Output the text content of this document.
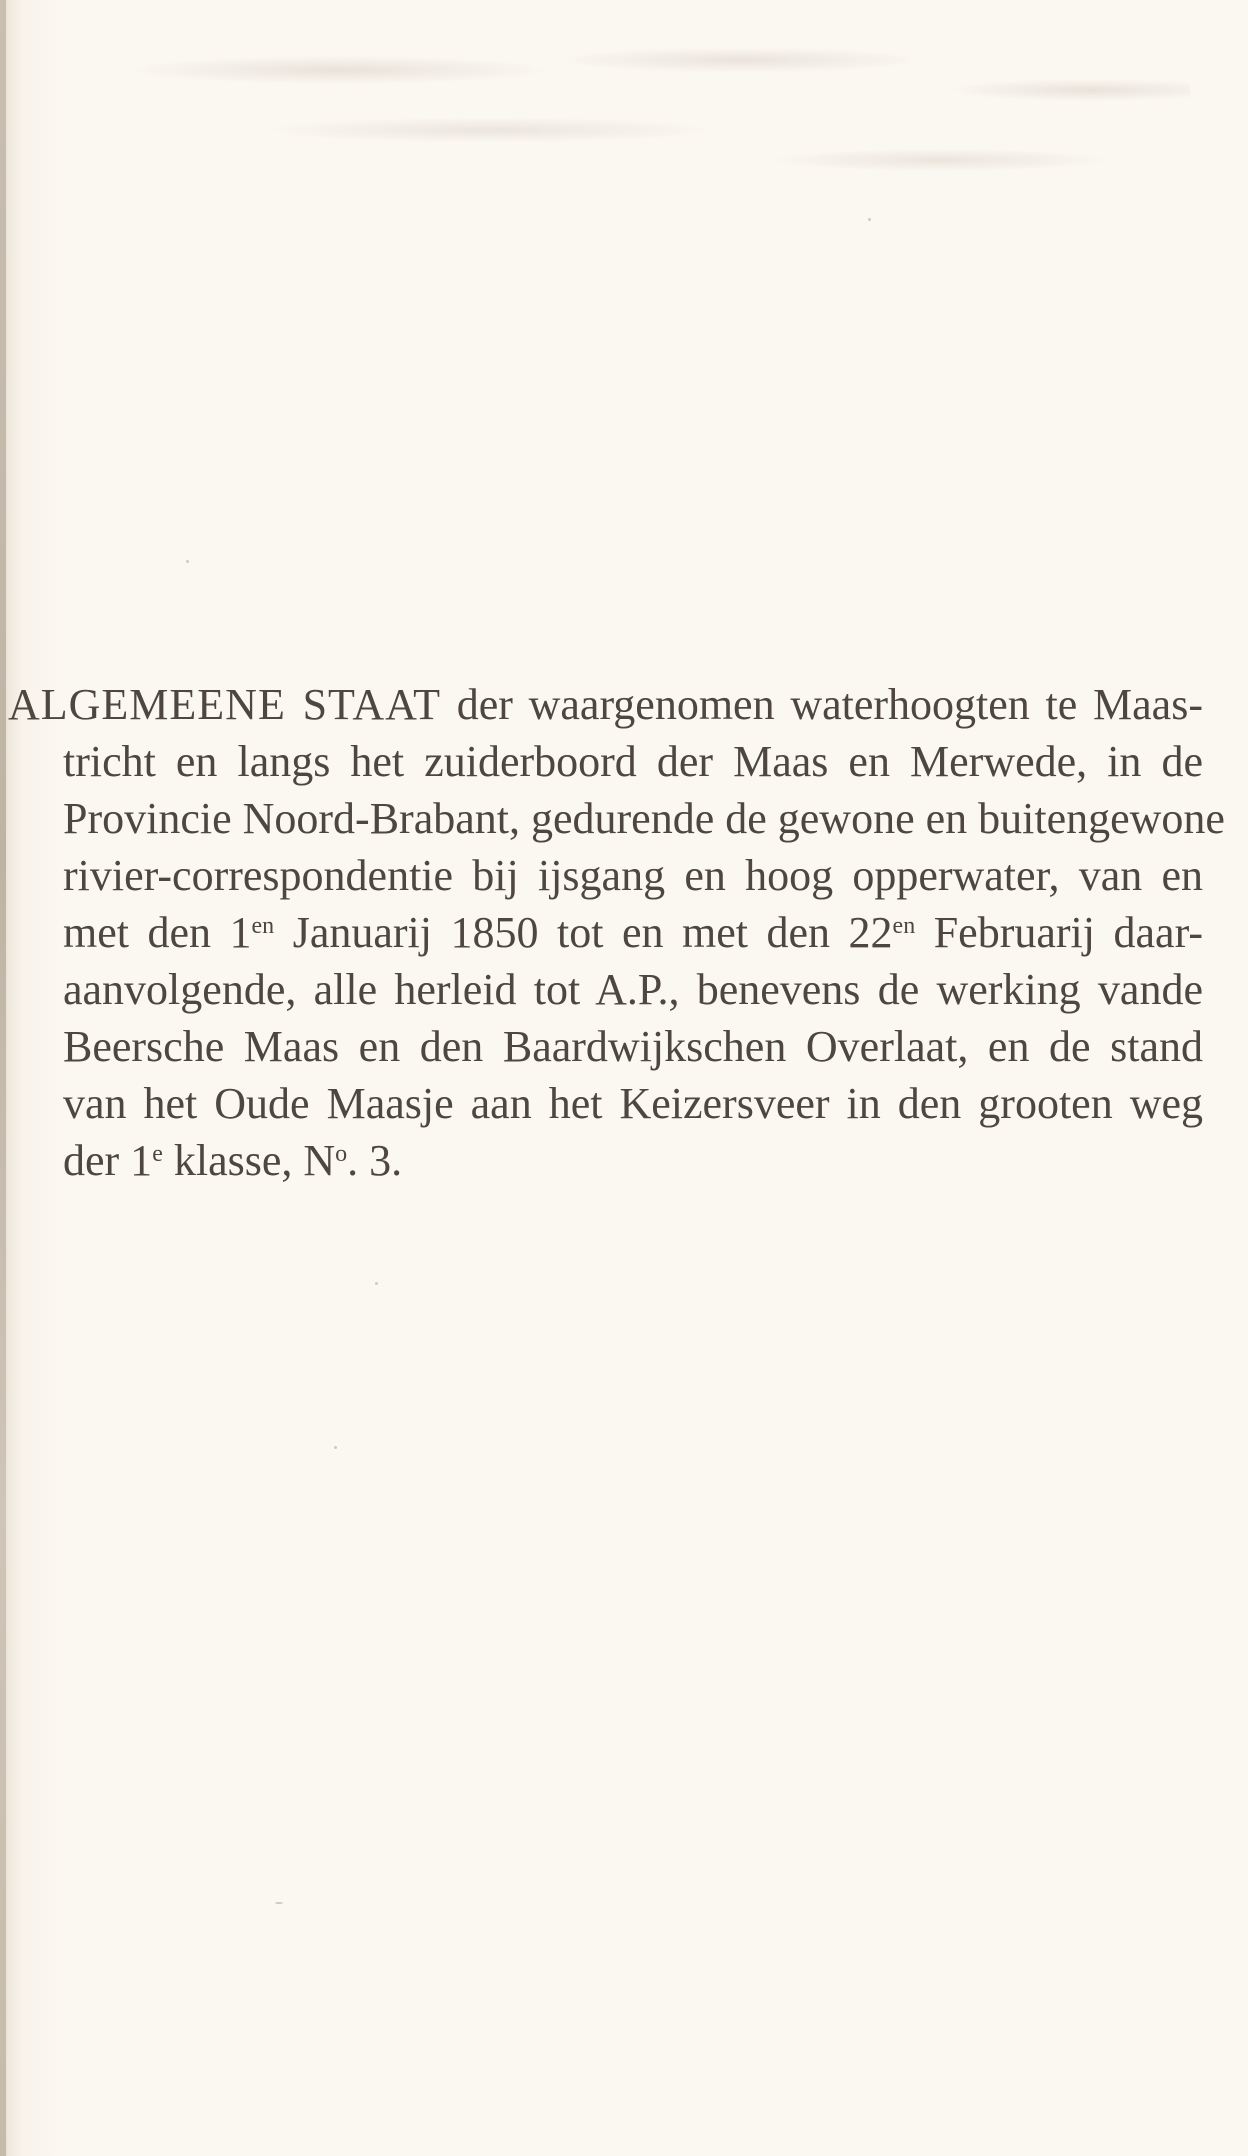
ALGEMEENE STAAT der waargenomen waterhoogten te Maas-
tricht en langs het zuiderboord der Maas en Merwede, in de
Provincie Noord-Brabant, gedurende de gewone en buitengewone
rivier-correspondentie bij ijsgang en hoog opperwater, van en
met den $1^{en}$ Januarij 1850 tot en met den $22^{en}$ Februarij daar-
aanvolgende, alle herleid tot A.P., benevens de werking vande
Beersche Maas en den Baardwijkschen Overlaat, en de stand
van het Oude Maasje aan het Keizersveer in den grooten weg
der 1e klasse, $N^o$. 3.
